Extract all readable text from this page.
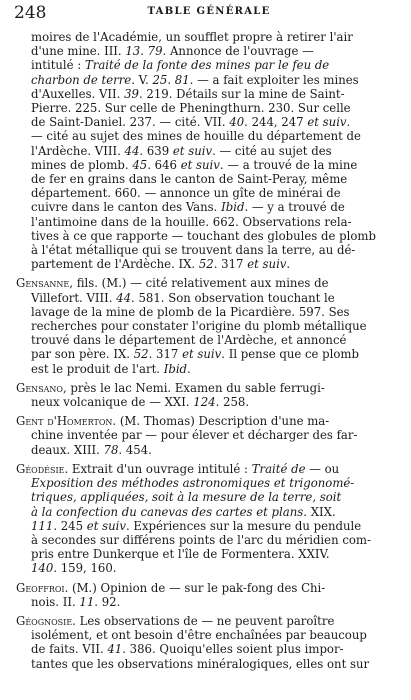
248	TABLE GÉNÉRALE
moires de l'Académie, un soufflet propre à retirer l'air
d'une mine. III. 13. 79. Annonce de l'ouvrage —
intitulé : Traité de la fonte des mines par le feu de
charbon de terre. V. 25. 81. — a fait exploiter les mines
d'Auxelles. VII. 39. 219. Détails sur la mine de Saint-
Pierre. 225. Sur celle de Pheningthurn. 230. Sur celle
de Saint-Daniel. 237. — cité. VII. 40. 244, 247 et suiv.
— cité au sujet des mines de houille du département de
l'Ardèche. VIII. 44. 639 et suiv. — cité au sujet des
mines de plomb. 45. 646 et suiv. — a trouvé de la mine
de fer en grains dans le canton de Saint-Peray, même
département. 660. — annonce un gîte de minérai de
cuivre dans le canton des Vans. Ibid. — y a trouvé de
l'antimoine dans de la houille. 662. Observations rela-
tives à ce que rapporte — touchant des globules de plomb
à l'état métallique qui se trouvent dans la terre, au dé-
partement de l'Ardèche. IX. 52. 317 et suiv.
Gensanne, fils. (M.) — cité relativement aux mines de
Villefort. VIII. 44. 581. Son observation touchant le
lavage de la mine de plomb de la Picardière. 597. Ses
recherches pour constater l'origine du plomb métallique
trouvé dans le département de l'Ardèche, et annoncé
par son père. IX. 52. 317 et suiv. Il pense que ce plomb
est le produit de l'art. Ibid.
Gensano, près le lac Nemi. Examen du sable ferrugi-
neux volcanique de — XXI. 124. 258.
Gent d'Homerton. (M. Thomas) Description d'une ma-
chine inventée par — pour élever et décharger des far-
deaux. XIII. 78. 454.
Géodésie. Extrait d'un ouvrage intitulé : Traité de — ou
Exposition des méthodes astronomiques et trigonomé-
triques, appliquées, soit à la mesure de la terre, soit
à la confection du canevas des cartes et plans. XIX.
111. 245 et suiv. Expériences sur la mesure du pendule
à secondes sur différens points de l'arc du méridien com-
pris entre Dunkerque et l'île de Formentera. XXIV.
140. 159, 160.
Geoffroi. (M.) Opinion de — sur le pak-fong des Chi-
nois. II. 11. 92.
Géognosie. Les observations de — ne peuvent paroître
isolément, et ont besoin d'être enchaînées par beaucoup
de faits. VII. 41. 386. Quoiqu'elles soient plus impor-
tantes que les observations minéralogiques, elles ont sur
